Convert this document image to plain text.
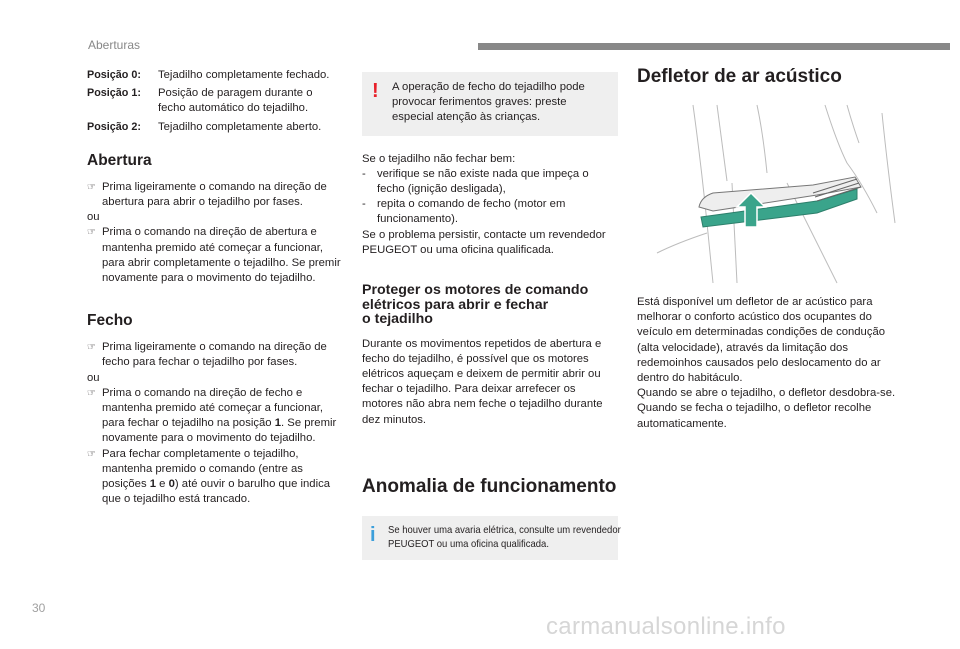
Aberturas
Posição 0:	Tejadilho completamente fechado.
Posição 1:	Posição de paragem durante o fecho automático do tejadilho.
Posição 2:	Tejadilho completamente aberto.
Abertura
☞ Prima ligeiramente o comando na direção de abertura para abrir o tejadilho por fases.

ou

☞ Prima o comando na direção de abertura e mantenha premido até começar a funcionar, para abrir completamente o tejadilho. Se premir novamente para o movimento do tejadilho.
Fecho
☞ Prima ligeiramente o comando na direção de fecho para fechar o tejadilho por fases.

ou

☞ Prima o comando na direção de fecho e mantenha premido até começar a funcionar, para fechar o tejadilho na posição 1. Se premir novamente para o movimento do tejadilho.
☞ Para fechar completamente o tejadilho, mantenha premido o comando (entre as posições 1 e 0) até ouvir o barulho que indica que o tejadilho está trancado.
! A operação de fecho do tejadilho pode provocar ferimentos graves: preste especial atenção às crianças.

Se o tejadilho não fechar bem:

- verifique se não existe nada que impeça o fecho (ignição desligada),
- repita o comando de fecho (motor em funcionamento).

Se o problema persistir, contacte um revendedor PEUGEOT ou uma oficina qualificada.

Proteger os motores de comando
elétricos para abrir e fechar
o tejadilho

Durante os movimentos repetidos de abertura e fecho do tejadilho, é possível que os motores elétricos aqueçam e deixem de permitir abrir ou fechar o tejadilho. Para deixar arrefecer os motores não abra nem feche o tejadilho durante dez minutos.

Anomalia de funcionamento
i Se houver uma avaria elétrica, consulte um revendedor PEUGEOT ou uma oficina qualificada.

Defletor de ar acústico

Está disponível um defletor de ar acústico para melhorar o conforto acústico dos ocupantes do veículo em determinadas condições de condução (alta velocidade), através da limitação dos redemoinhos causados pelo deslocamento do ar dentro do habitáculo.

Quando se abre o tejadilho, o defletor desdobra-se.

Quando se fecha o tejadilho, o defletor recolhe automaticamente.

30
carmanualsonline.info
